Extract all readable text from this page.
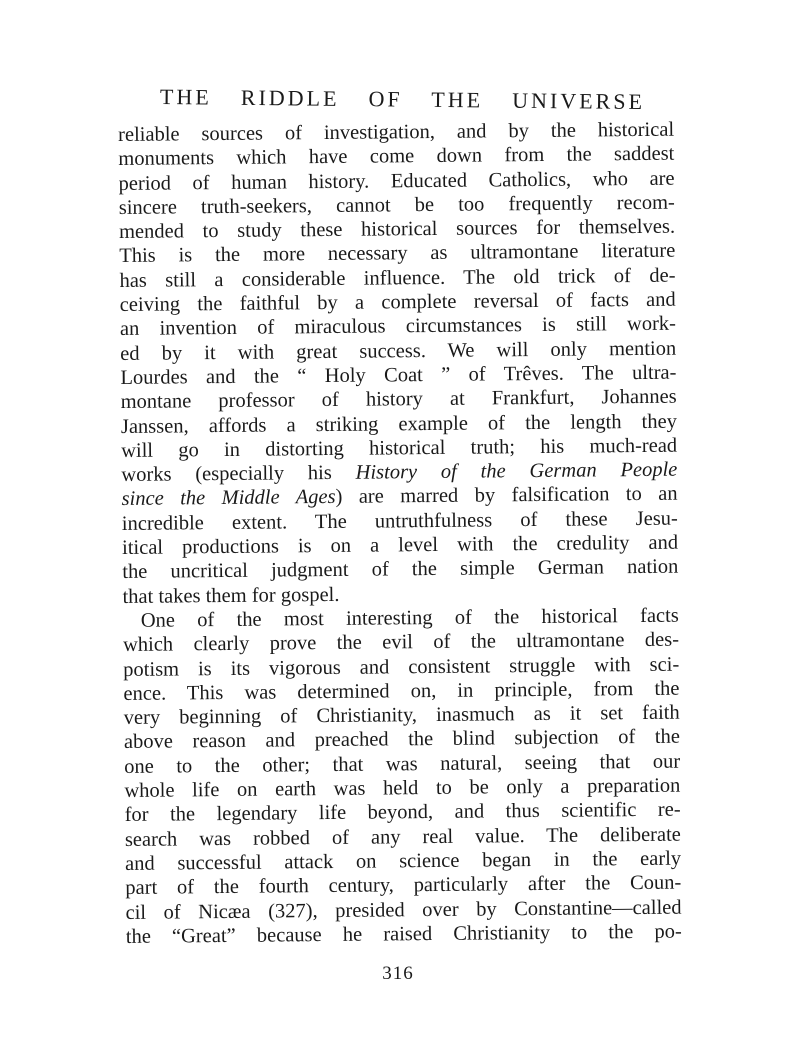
THE RIDDLE OF THE UNIVERSE
reliable sources of investigation, and by the historical
monuments which have come down from the saddest
period of human history. Educated Catholics, who are
sincere truth-seekers, cannot be too frequently recom-
mended to study these historical sources for themselves.
This is the more necessary as ultramontane literature
has still a considerable influence. The old trick of de-
ceiving the faithful by a complete reversal of facts and
an invention of miraculous circumstances is still work-
ed by it with great success. We will only mention
Lourdes and the “ Holy Coat ” of Trêves. The ultra-
montane professor of history at Frankfurt, Johannes
Janssen, affords a striking example of the length they
will go in distorting historical truth; his much-read
works (especially his History of the German People
since the Middle Ages) are marred by falsification to an
incredible extent. The untruthfulness of these Jesu-
itical productions is on a level with the credulity and
the uncritical judgment of the simple German nation
that takes them for gospel.
One of the most interesting of the historical facts
which clearly prove the evil of the ultramontane des-
potism is its vigorous and consistent struggle with sci-
ence. This was determined on, in principle, from the
very beginning of Christianity, inasmuch as it set faith
above reason and preached the blind subjection of the
one to the other; that was natural, seeing that our
whole life on earth was held to be only a preparation
for the legendary life beyond, and thus scientific re-
search was robbed of any real value. The deliberate
and successful attack on science began in the early
part of the fourth century, particularly after the Coun-
cil of Nicæa (327), presided over by Constantine—called
the “Great” because he raised Christianity to the po-
316
